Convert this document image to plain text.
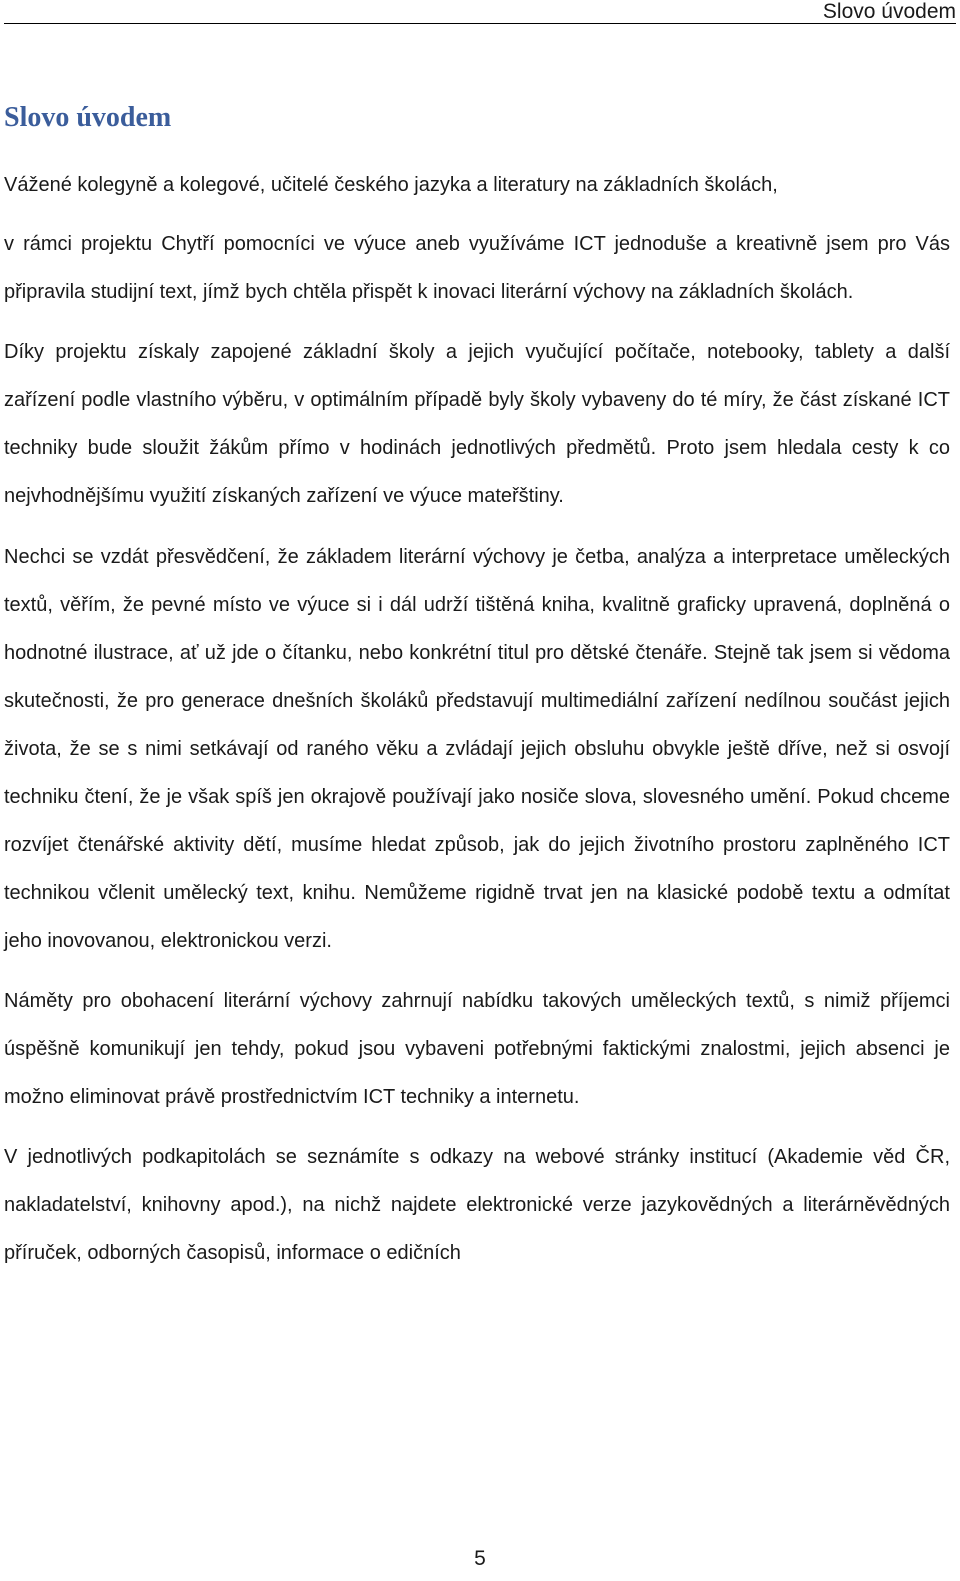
Slovo úvodem
Slovo úvodem

Vážené kolegyně a kolegové, učitelé českého jazyka a literatury na základních školách,
v rámci projektu Chytří pomocníci ve výuce aneb využíváme ICT jednoduše a kreativně jsem pro Vás připravila studijní text, jímž bych chtěla přispět k inovaci literární výchovy na základních školách.

Díky projektu získaly zapojené základní školy a jejich vyučující počítače, notebooky, tablety a další zařízení podle vlastního výběru, v optimálním případě byly školy vybaveny do té míry, že část získané ICT techniky bude sloužit žákům přímo v hodinách jednotlivých předmětů. Proto jsem hledala cesty k co nejvhodnějšímu využití získaných zařízení ve výuce mateřštiny.

Nechci se vzdát přesvědčení, že základem literární výchovy je četba, analýza a interpretace uměleckých textů, věřím, že pevné místo ve výuce si i dál udrží tištěná kniha, kvalitně graficky upravená, doplněná o hodnotné ilustrace, ať už jde o čítanku, nebo konkrétní titul pro dětské čtenáře. Stejně tak jsem si vědoma skutečnosti, že pro generace dnešních školáků představují multimediální zařízení nedílnou součást jejich života, že se s nimi setkávají od raného věku a zvládají jejich obsluhu obvykle ještě dříve, než si osvojí techniku čtení, že je však spíš jen okrajově používají jako nosiče slova, slovesného umění. Pokud chceme rozvíjet čtenářské aktivity dětí, musíme hledat způsob, jak do jejich životního prostoru zaplněného ICT technikou včlenit umělecký text, knihu. Nemůžeme rigidně trvat jen na klasické podobě textu a odmítat jeho inovovanou, elektronickou verzi.

Náměty pro obohacení literární výchovy zahrnují nabídku takových uměleckých textů, s nimiž příjemci úspěšně komunikují jen tehdy, pokud jsou vybaveni potřebnými faktickými znalostmi, jejich absenci je možno eliminovat právě prostřednictvím ICT techniky a internetu.

V jednotlivých podkapitolách se seznámíte s odkazy na webové stránky institucí (Akademie věd ČR, nakladatelství, knihovny apod.), na nichž najdete elektronické verze jazykovědných a literárněvědných příruček, odborných časopisů, informace o edičních

5
